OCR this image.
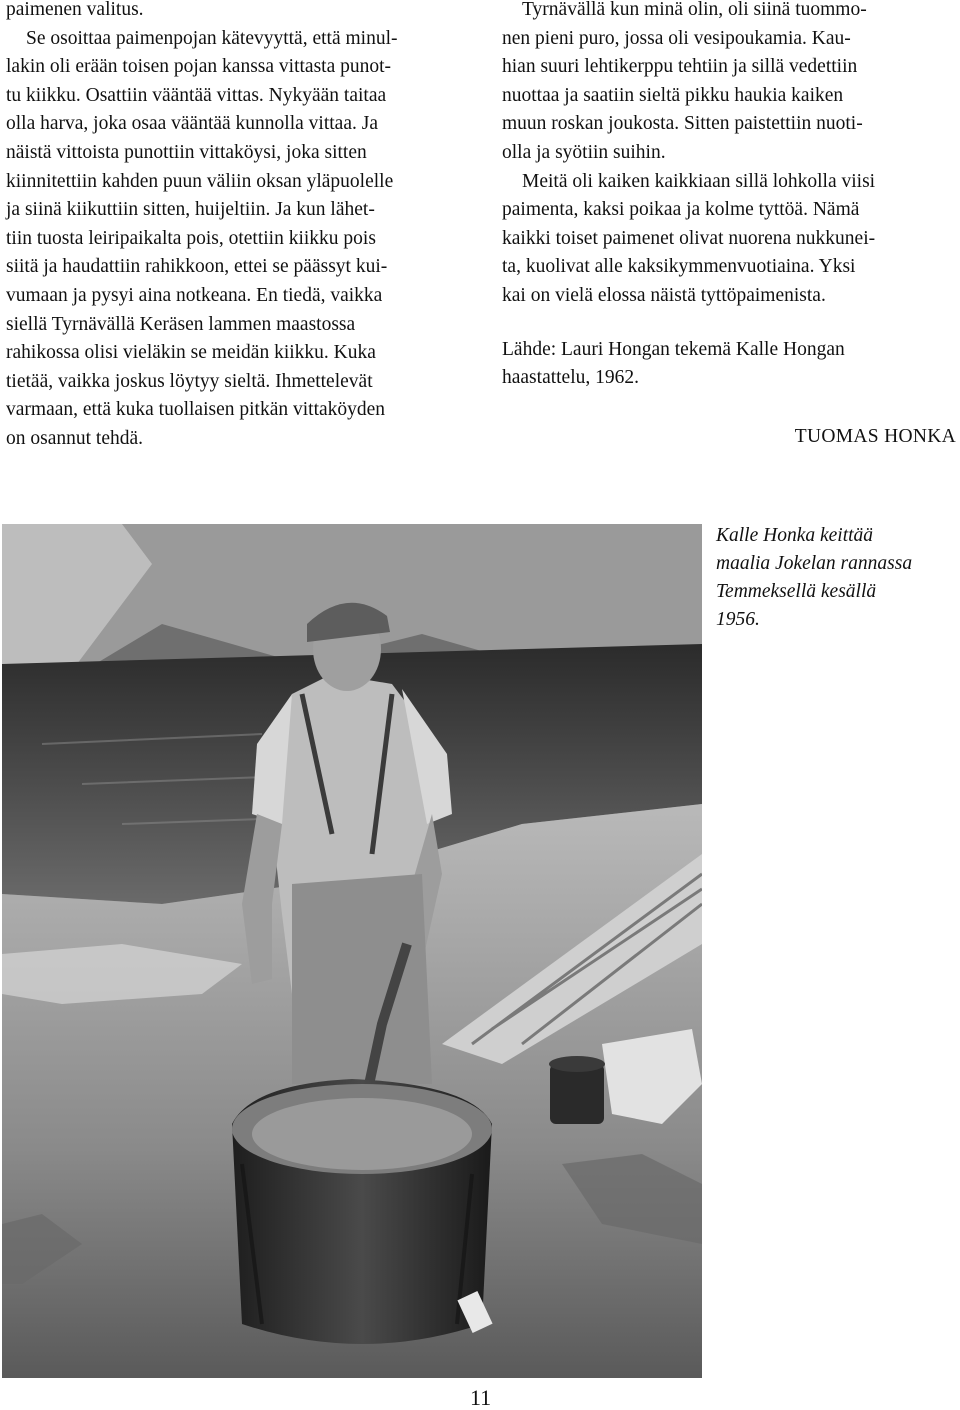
paimenen valitus.

Se osoittaa paimenpojan kätevyyttä, että minul-

lakin oli erään toisen pojan kanssa vittasta punot-

tu kiikku. Osattiin vääntää vittas. Nykyään taitaa

olla harva, joka osaa vääntää kunnolla vittaa. Ja

näistä vittoista punottiin vittaköysi, joka sitten

kiinnitettiin kahden puun väliin oksan yläpuolelle

ja siinä kiikuttiin sitten, huijeltiin. Ja kun lähet-

tiin tuosta leiripaikalta pois, otettiin kiikku pois

siitä ja haudattiin rahikkoon, ettei se päässyt kui-

vumaan ja pysyi aina notkeana. En tiedä, vaikka

siellä Tyrnävällä Keräsen lammen maastossa

rahikossa olisi vieläkin se meidän kiikku. Kuka

tietää, vaikka joskus löytyy sieltä. Ihmettelevät

varmaan, että kuka tuollaisen pitkän vittaköyden

on osannut tehdä.

Tyrnävällä kun minä olin, oli siinä tuommo-

nen pieni puro, jossa oli vesipoukamia. Kau-

hian suuri lehtikerppu tehtiin ja sillä vedettiin

nuottaa ja saatiin sieltä pikku haukia kaiken

muun roskan joukosta. Sitten paistettiin nuoti-

olla ja syötiin suihin.

Meitä oli kaiken kaikkiaan sillä lohkolla viisi

paimenta, kaksi poikaa ja kolme tyttöä. Nämä

kaikki toiset paimenet olivat nuorena nukkunei-

ta, kuolivat alle kaksikymmenvuotiaina. Yksi

kai on vielä elossa näistä tyttöpaimenista.

Lähde: Lauri Hongan tekemä Kalle Hongan

haastattelu, 1962.

TUOMAS HONKA

Kalle Honka keittää
maalia Jokelan rannassa
Temmeksellä kesällä
1956.
11
